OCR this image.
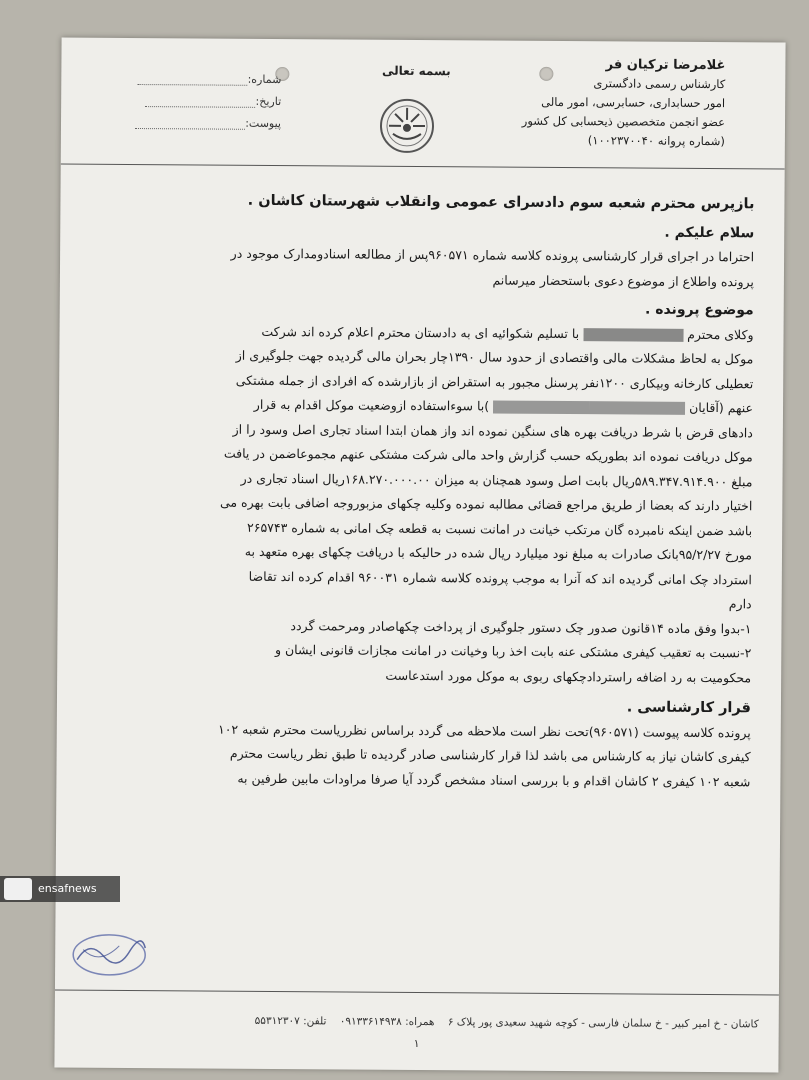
بسمه تعالی
شماره:
تاریخ:
پیوست:
غلامرضا ترکیان فر
کارشناس رسمی دادگستری
امور حسابداری، حسابرسی، امور مالی
عضو انجمن متخصصین ذیحسابی کل کشور
(شماره پروانه ۱۰۰۲۳۷۰۰۴۰)

بازپرس محترم شعبه سوم دادسرای عمومی وانقلاب شهرستان کاشان .

سلام علیکم .

احتراما در اجرای قرار کارشناسی پرونده کلاسه شماره ۹۶۰۵۷۱پس از مطالعه اسنادومدارک موجود در

پرونده واطلاع از موضوع دعوی باستحضار میرسانم

موضوع پرونده .

وکلای محترم  با تسلیم شکوائیه ای به دادستان محترم اعلام کرده اند شرکت

موکل به لحاظ مشکلات مالی واقتصادی از حدود سال ۱۳۹۰چار بحران مالی گردیده جهت جلوگیری از

تعطیلی کارخانه وبیکاری ۱۲۰۰نفر پرسنل مجبور به استقراض از بازارشده که افرادی از جمله مشتکی

عنهم (آقایان  )با سوءاستفاده ازوضعیت موکل اقدام به قرار

دادهای قرض با شرط دریافت بهره های سنگین نموده اند واز همان ابتدا اسناد تجاری اصل وسود را از

موکل دریافت نموده اند بطوریکه حسب گزارش واحد مالی شرکت مشتکی عنهم مجموعاضمن در یافت

مبلغ ۵۸۹.۳۴۷.۹۱۴.۹۰۰ریال بابت اصل وسود همچنان به میزان ۱۶۸.۲۷۰.۰۰۰.۰۰ریال اسناد تجاری در

اختیار دارند که بعضا از طریق مراجع قضائی مطالبه نموده وکلیه چکهای مزبوروجه اضافی بابت بهره می

باشد ضمن اینکه نامبرده گان مرتکب خیانت در امانت نسبت به قطعه چک امانی به شماره ۲۶۵۷۴۳

مورخ ۹۵/۲/۲۷بانک صادرات به مبلغ نود میلیارد ریال شده در حالیکه با دریافت چکهای بهره متعهد به

استرداد چک امانی گردیده اند که آنرا به موجب پرونده کلاسه شماره ۹۶۰۰۳۱ اقدام کرده اند تقاضا

دارم

۱-بدوا وفق ماده ۱۴قانون صدور چک دستور جلوگیری از پرداخت چکهاصادر ومرحمت گردد

۲-نسبت به تعقیب کیفری مشتکی عنه بابت اخذ ربا وخیانت در امانت مجازات قانونی ایشان و

محکومیت به رد اضافه راستردادچکهای ربوی به موکل مورد استدعاست

قرار کارشناسی .

پرونده کلاسه پیوست (۹۶۰۵۷۱)تحت نظر است ملاحظه می گردد براساس نظرریاست محترم شعبه ۱۰۲

کیفری کاشان نیاز به کارشناس می باشد لذا قرار کارشناسی صادر گردیده تا طبق نظر ریاست محترم

شعبه ۱۰۲ کیفری ۲ کاشان اقدام و با بررسی اسناد مشخص گردد آیا صرفا مراودات مابین طرفین به

کاشان - خ امیر کبیر - خ سلمان فارسی - کوچه شهید سعیدی پور پلاک ۶    همراه: ۰۹۱۳۳۶۱۴۹۳۸    تلفن: ۵۵۳۱۲۳۰۷
۱
ensafnews
